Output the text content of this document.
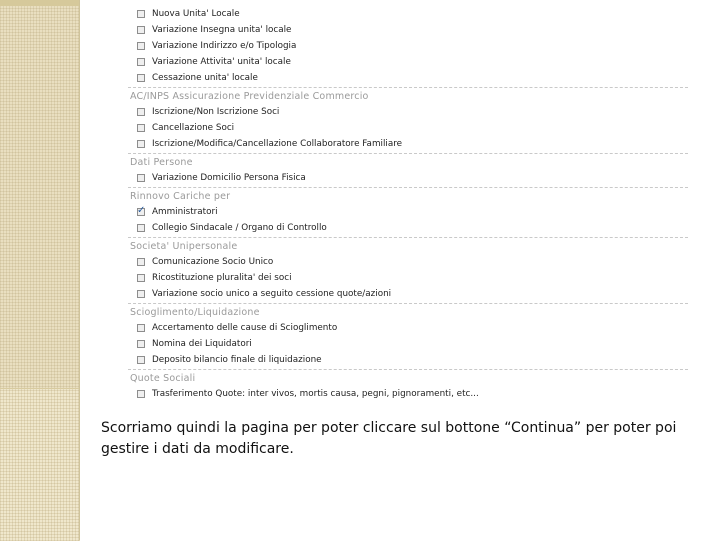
Nuova Unita' Locale
Variazione Insegna unita' locale
Variazione Indirizzo e/o Tipologia
Variazione Attivita' unita' locale
Cessazione unita' locale
AC/INPS Assicurazione Previdenziale Commercio
Iscrizione/Non Iscrizione Soci
Cancellazione Soci
Iscrizione/Modifica/Cancellazione Collaboratore Familiare
Dati Persone
Variazione Domicilio Persona Fisica
Rinnovo Cariche per
✓
Amministratori
Collegio Sindacale / Organo di Controllo
Societa' Unipersonale
Comunicazione Socio Unico
Ricostituzione pluralita' dei soci
Variazione socio unico a seguito cessione quote/azioni
Scioglimento/Liquidazione
Accertamento delle cause di Scioglimento
Nomina dei Liquidatori
Deposito bilancio finale di liquidazione
Quote Sociali
Trasferimento Quote: inter vivos, mortis causa, pegni, pignoramenti, etc...
Scorriamo quindi la pagina per poter cliccare sul bottone “Continua” per poter poi gestire i dati da modificare.
